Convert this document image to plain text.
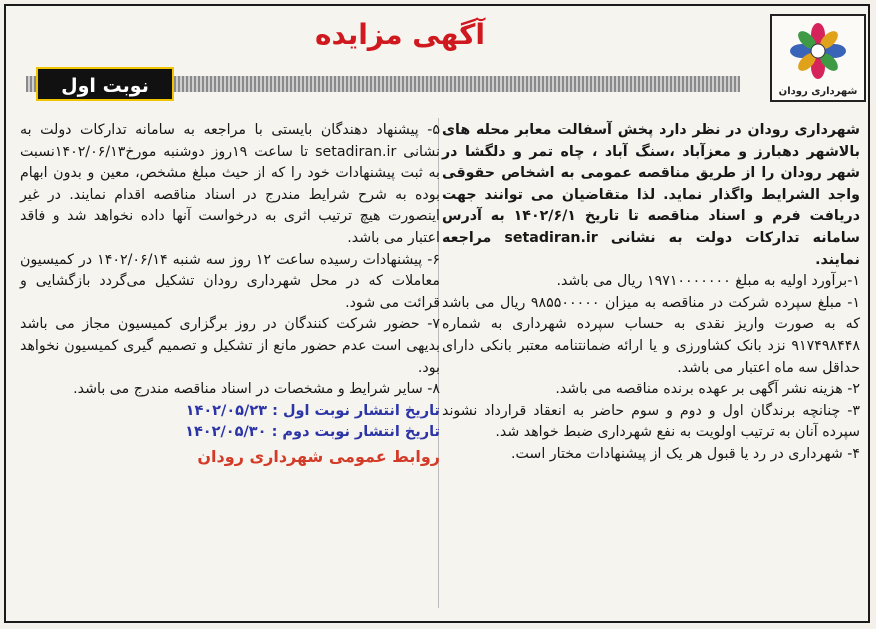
شهرداری رودان
آگهی مزایده
نوبت اول

شهرداری رودان در نظر دارد پخش آسفالت معابر محله های بالاشهر دهبارز و معزآباد ،سنگ آباد ، چاه تمر و دلگشا در شهر رودان را از طریق مناقصه عمومی به اشخاص حقوقی واجد الشرایط واگذار نماید. لذا متقاضیان می توانند جهت دریافت فرم و اسناد مناقصه تا تاریخ ۱۴۰۲/۶/۱ به آدرس سامانه تدارکات دولت به نشانی setadiran.ir مراجعه نمایند.

۱-برآورد اولیه به مبلغ ۱۹۷۱۰۰۰۰۰۰۰ ریال می باشد.

۱- مبلغ سپرده شرکت در مناقصه به میزان ۹۸۵۵۰۰۰۰۰ ریال می باشد که به صورت واریز نقدی به حساب سپرده شهرداری به شماره ۹۱۷۴۹۸۴۴۸ نزد بانک کشاورزی و یا ارائه ضمانتنامه معتبر بانکی دارای حداقل سه ماه اعتبار می باشد.

۲- هزینه نشر آگهی بر عهده برنده مناقصه می باشد.

۳- چنانچه برندگان اول و دوم و سوم حاضر به انعقاد قرارداد نشوند سپرده آنان به ترتیب اولویت به نفع شهرداری ضبط خواهد شد.

۴- شهرداری در رد یا قبول هر یک از پیشنهادات مختار است.

۵- پیشنهاد دهندگان بایستی با مراجعه به سامانه تدارکات دولت به نشانی setadiran.ir تا ساعت ۱۹روز دوشنبه مورخ۱۴۰۲/۰۶/۱۳نسبت به ثبت پیشنهادات خود را که از حیث مبلغ مشخص، معین و بدون ابهام بوده به شرح شرایط مندرج در اسناد مناقصه اقدام نمایند. در غیر اینصورت هیچ ترتیب اثری به درخواست آنها داده نخواهد شد و فاقد اعتبار می باشد.

۶- پیشنهادات رسیده ساعت ۱۲ روز سه شنبه ۱۴۰۲/۰۶/۱۴ در کمیسیون معاملات که در محل شهرداری رودان تشکیل می‌گردد بازگشایی و قرائت می شود.

۷- حضور شرکت کنندگان در روز برگزاری کمیسیون مجاز می باشد بدیهی است عدم حضور مانع از تشکیل و تصمیم گیری کمیسیون نخواهد بود.

۸- سایر شرایط و مشخصات در اسناد مناقصه مندرج می باشد.

تاریخ انتشار نوبت اول : ۱۴۰۲/۰۵/۲۳
تاریخ انتشار نوبت دوم : ۱۴۰۲/۰۵/۳۰
روابط عمومی شهرداری رودان
